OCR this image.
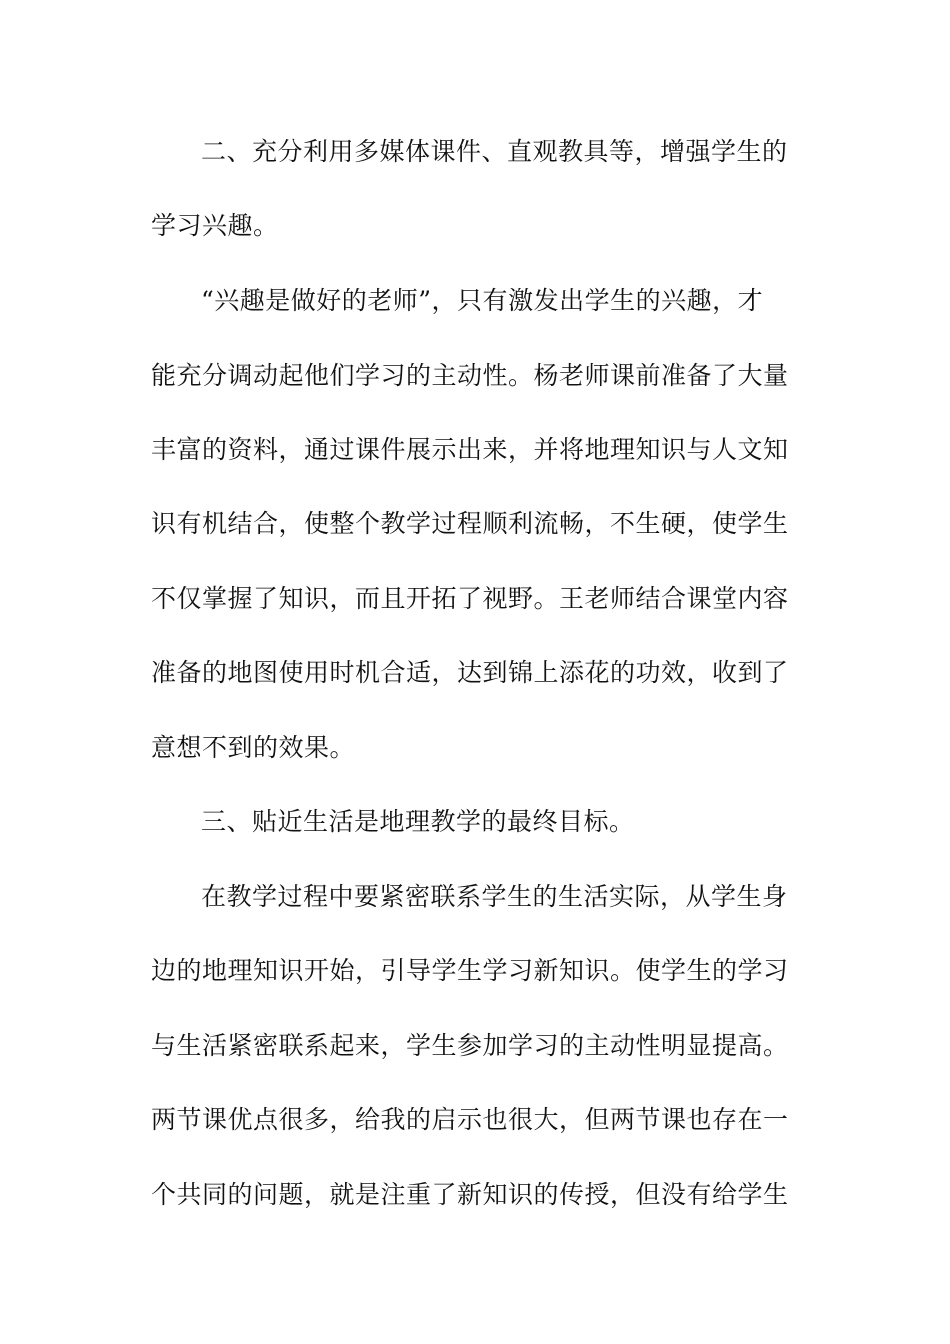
二、充分利用多媒体课件、直观教具等，增强学生的
学习兴趣。
“兴趣是做好的老师”，只有激发出学生的兴趣，才
能充分调动起他们学习的主动性。杨老师课前准备了大量
丰富的资料，通过课件展示出来，并将地理知识与人文知
识有机结合，使整个教学过程顺利流畅，不生硬，使学生
不仅掌握了知识，而且开拓了视野。王老师结合课堂内容
准备的地图使用时机合适，达到锦上添花的功效，收到了
意想不到的效果。
三、贴近生活是地理教学的最终目标。
在教学过程中要紧密联系学生的生活实际，从学生身
边的地理知识开始，引导学生学习新知识。使学生的学习
与生活紧密联系起来，学生参加学习的主动性明显提高。
两节课优点很多，给我的启示也很大，但两节课也存在一
个共同的问题，就是注重了新知识的传授，但没有给学生
